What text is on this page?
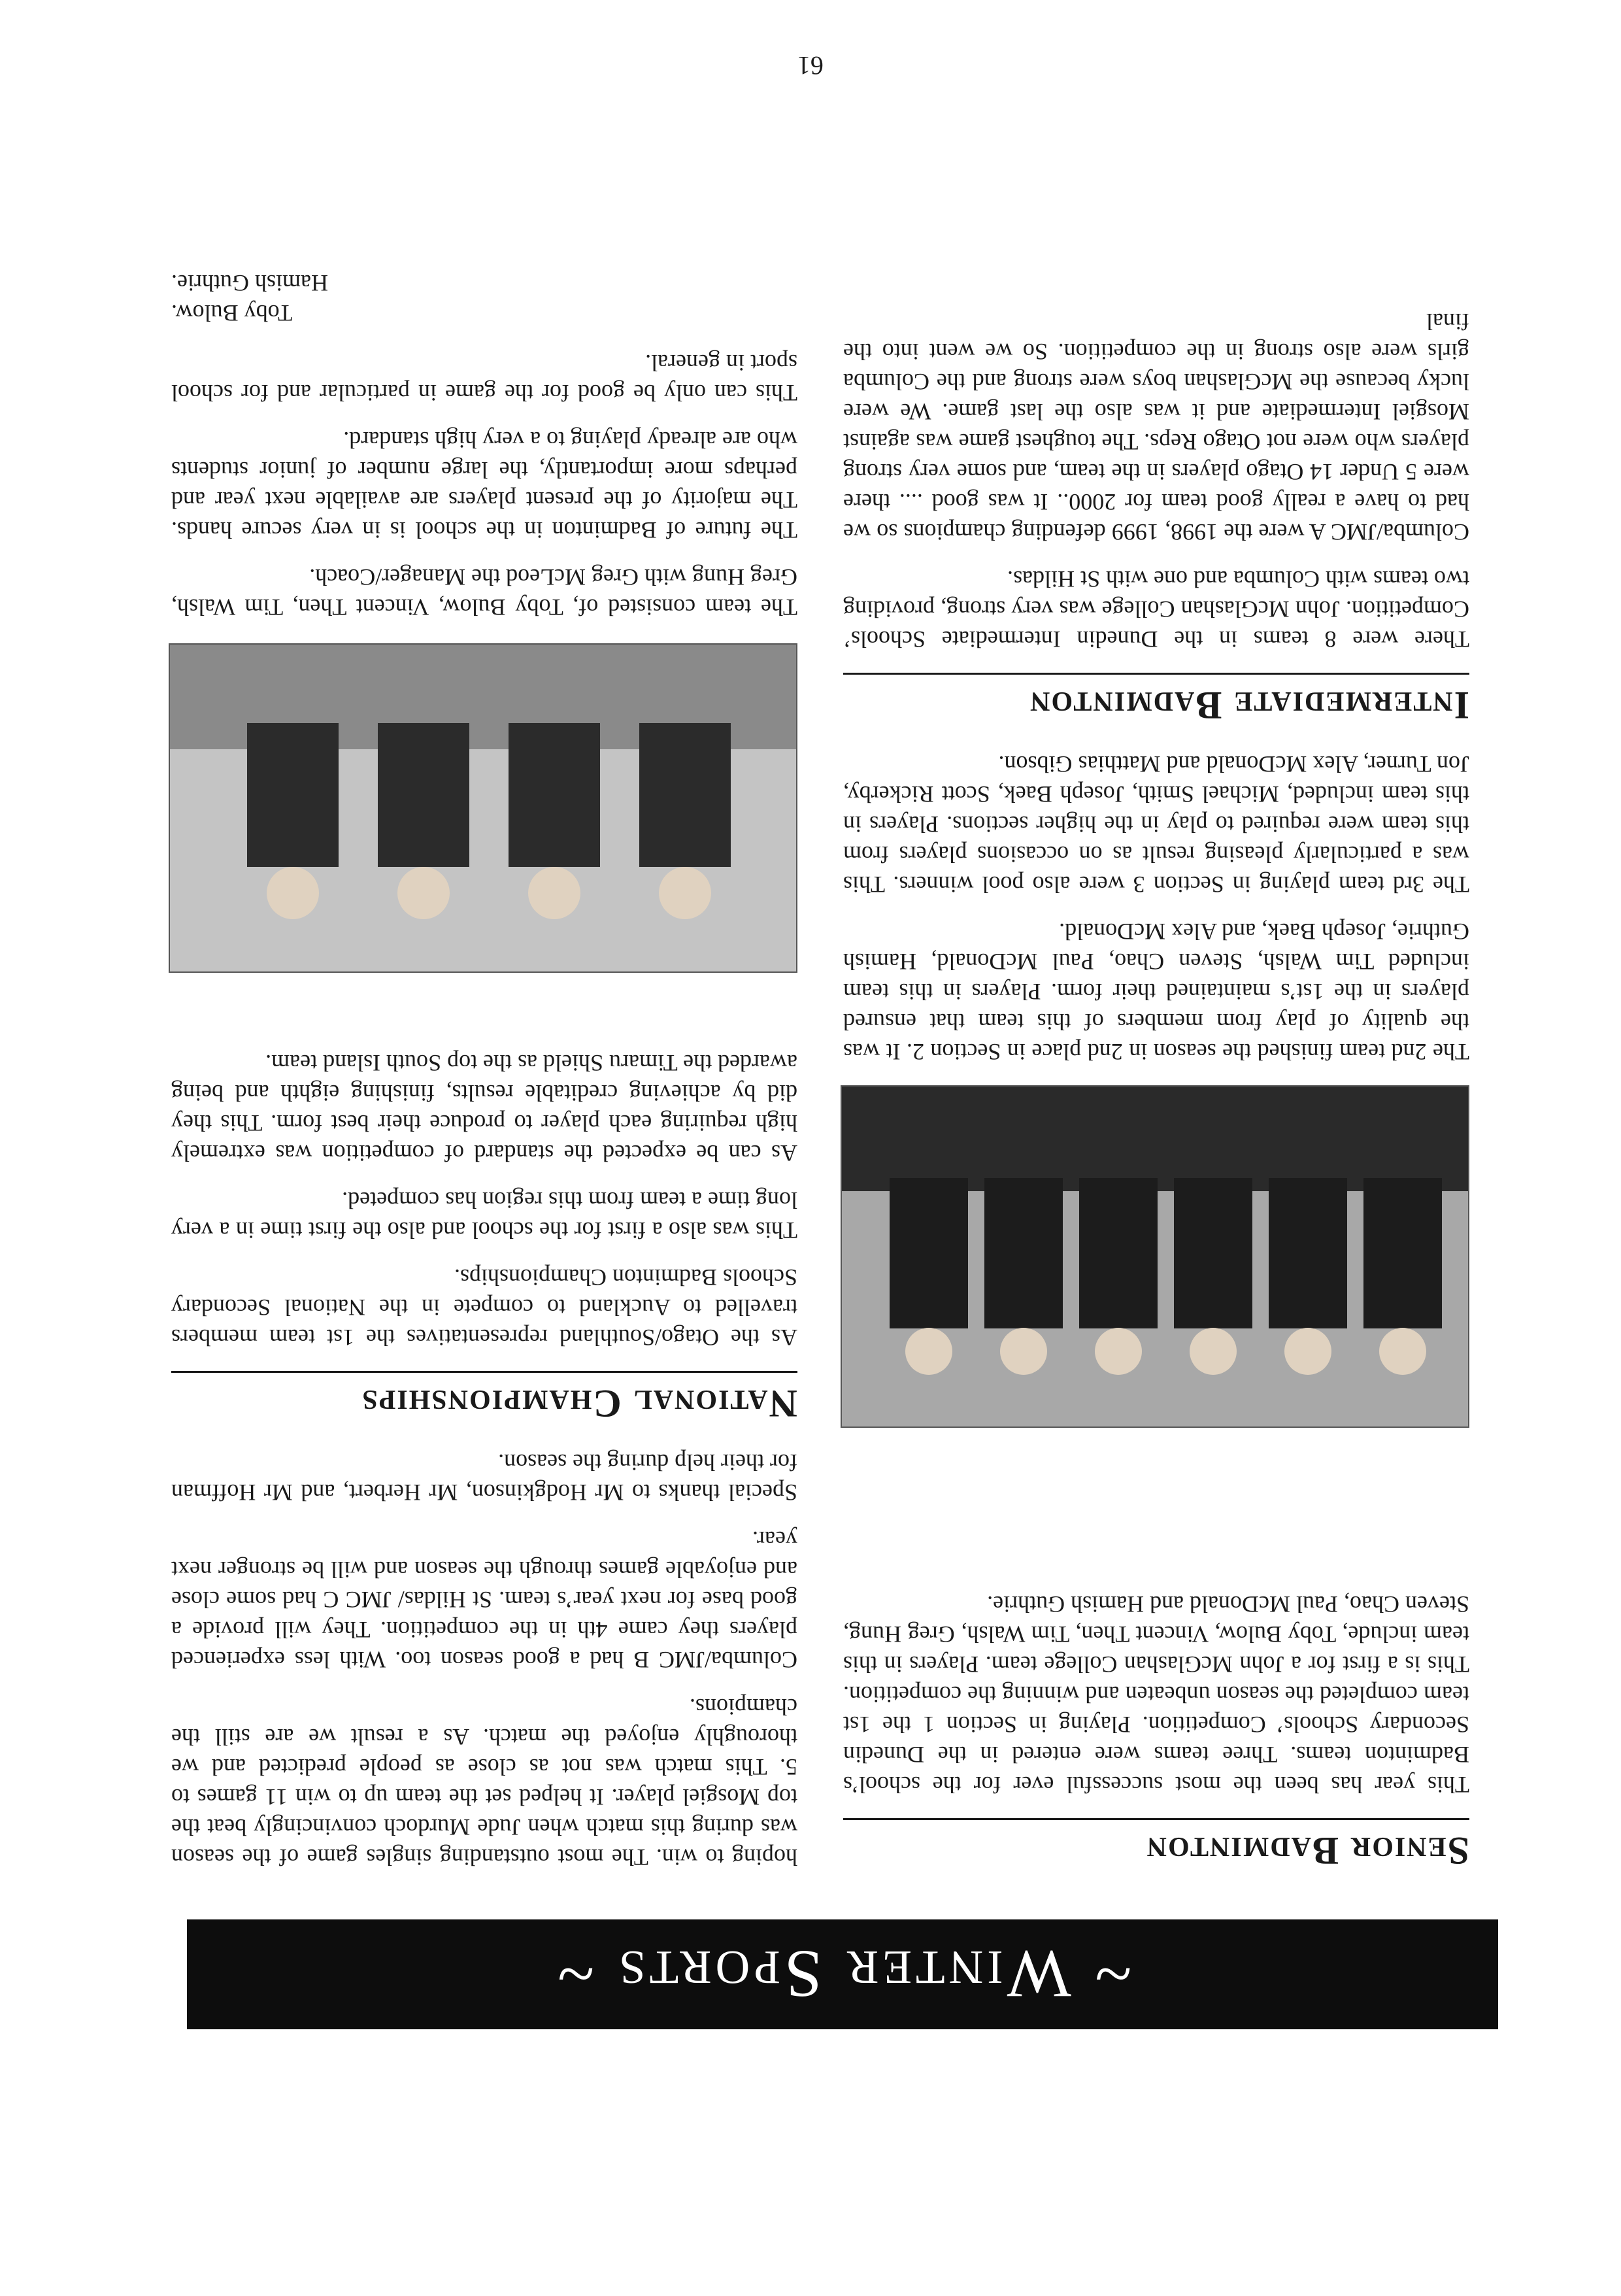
~ Winter Sports ~
Senior Badminton

This year has been the most successful ever for the school’s Badminton teams. Three teams were entered in the Dunedin Secondary Schools’ Competition. Playing in Section 1 the 1st team completed the season unbeaten and winning the competition. This is a first for a John McGlashan College team. Players in this team include, Toby Bulow, Vincent Then, Tim Walsh, Greg Hung, Steven Chao, Paul McDonald and Hamish Guthrie.

The 2nd team finished the season in 2nd place in Section 2. It was the quality of play from members of this team that ensured players in the 1st’s maintained their form. Players in this team included Tim Walsh, Steven Chao, Paul McDonald, Hamish Guthrie, Joseph Baek, and Alex McDonald.

The 3rd team playing in Section 3 were also pool winners. This was a particularly pleasing result as on occasions players from this team were required to play in the higher sections. Players in this team included, Michael Smith, Joseph Baek, Scott Rickerby, Jon Turner, Alex McDonald and Matthias Gibson.

Intermediate Badminton

There were 8 teams in the Dunedin Intermediate Schools’ Competition. John McGlashan College was very strong, providing two teams with Columba and one with St Hildas.

Columba/JMC A were the 1998, 1999 defending champions so we had to have a really good team for 2000.. It was good .... there were 5 Under 14 Otago players in the team, and some very strong players who were not Otago Reps. The toughest game was against Mosgiel Intermediate and it was also the last game. We were lucky because the McGlashan boys were strong and the Columba girls were also strong in the competition. So we went into the final

hoping to win. The most outstanding singles game of the season was during this match when Jude Murdoch convincingly beat the top Mosgiel player. It helped set the team up to win 11 games to 5. This match was not as close as people predicted and we thoroughly enjoyed the match. As a result we are still the champions.

Columba/JMC B had a good season too. With less experienced players they came 4th in the competition. They will provide a good base for next year’s team. St Hildas/ JMC C had some close and enjoyable games through the season and will be stronger next year.

Special thanks to Mr Hodgkinson, Mr Herbert, and Mr Hoffman for their help during the season.

National Championships

As the Otago/Southland representatives the 1st team members travelled to Auckland to compete in the National Secondary Schools Badminton Championships.

This was also a first for the school and also the first time in a very long time a team from this region has competed.

As can be expected the standard of competition was extremely high requiring each player to produce their best form. This they did by achieving creditable results, finishing eighth and being awarded the Timaru Shield as the top South Island team.

The team consisted of, Toby Bulow, Vincent Then, Tim Walsh, Greg Hung with Greg McLeod the Manager/Coach.

The future of Badminton in the school is in very secure hands. The majority of the present players are available next year and perhaps more importantly, the large number of junior students who are already playing to a very high standard.

This can only be good for the game in particular and for school sport in general.

Toby Bulow.
Hamish Guthrie.
61
